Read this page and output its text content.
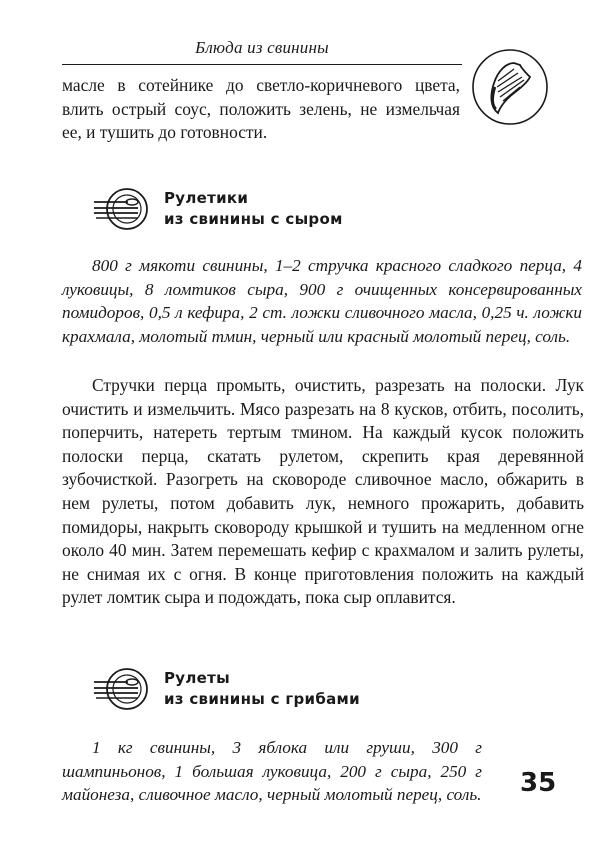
Блюда из свинины

масле в сотейнике до светло-коричневого цвета, влить острый соус, положить зелень, не измельчая ее, и тушить до готовности.

Рулетики
из свинины с сыром

800 г мякоти свинины, 1–2 стручка красного сладкого перца, 4 луковицы, 8 ломтиков сыра, 900 г очищенных консервированных помидоров, 0,5 л кефира, 2 ст. ложки сливочного масла, 0,25 ч. ложки крахмала, молотый тмин, черный или красный молотый перец, соль.

Стручки перца промыть, очистить, разрезать на полоски. Лук очистить и измельчить. Мясо разрезать на 8 кусков, отбить, посолить, поперчить, натереть тертым тмином. На каждый кусок положить полоски перца, скатать рулетом, скрепить края деревянной зубочисткой. Разогреть на сковороде сливочное масло, обжарить в нем рулеты, потом добавить лук, немного прожарить, добавить помидоры, накрыть сковороду крышкой и тушить на медленном огне около 40 мин. Затем перемешать кефир с крахмалом и залить рулеты, не снимая их с огня. В конце приготовления положить на каждый рулет ломтик сыра и подождать, пока сыр оплавится.

Рулеты
из свинины с грибами

1 кг свинины, 3 яблока или груши, 300 г шампиньонов, 1 большая луковица, 200 г сыра, 250 г майонеза, сливочное масло, черный молотый перец, соль. 35
